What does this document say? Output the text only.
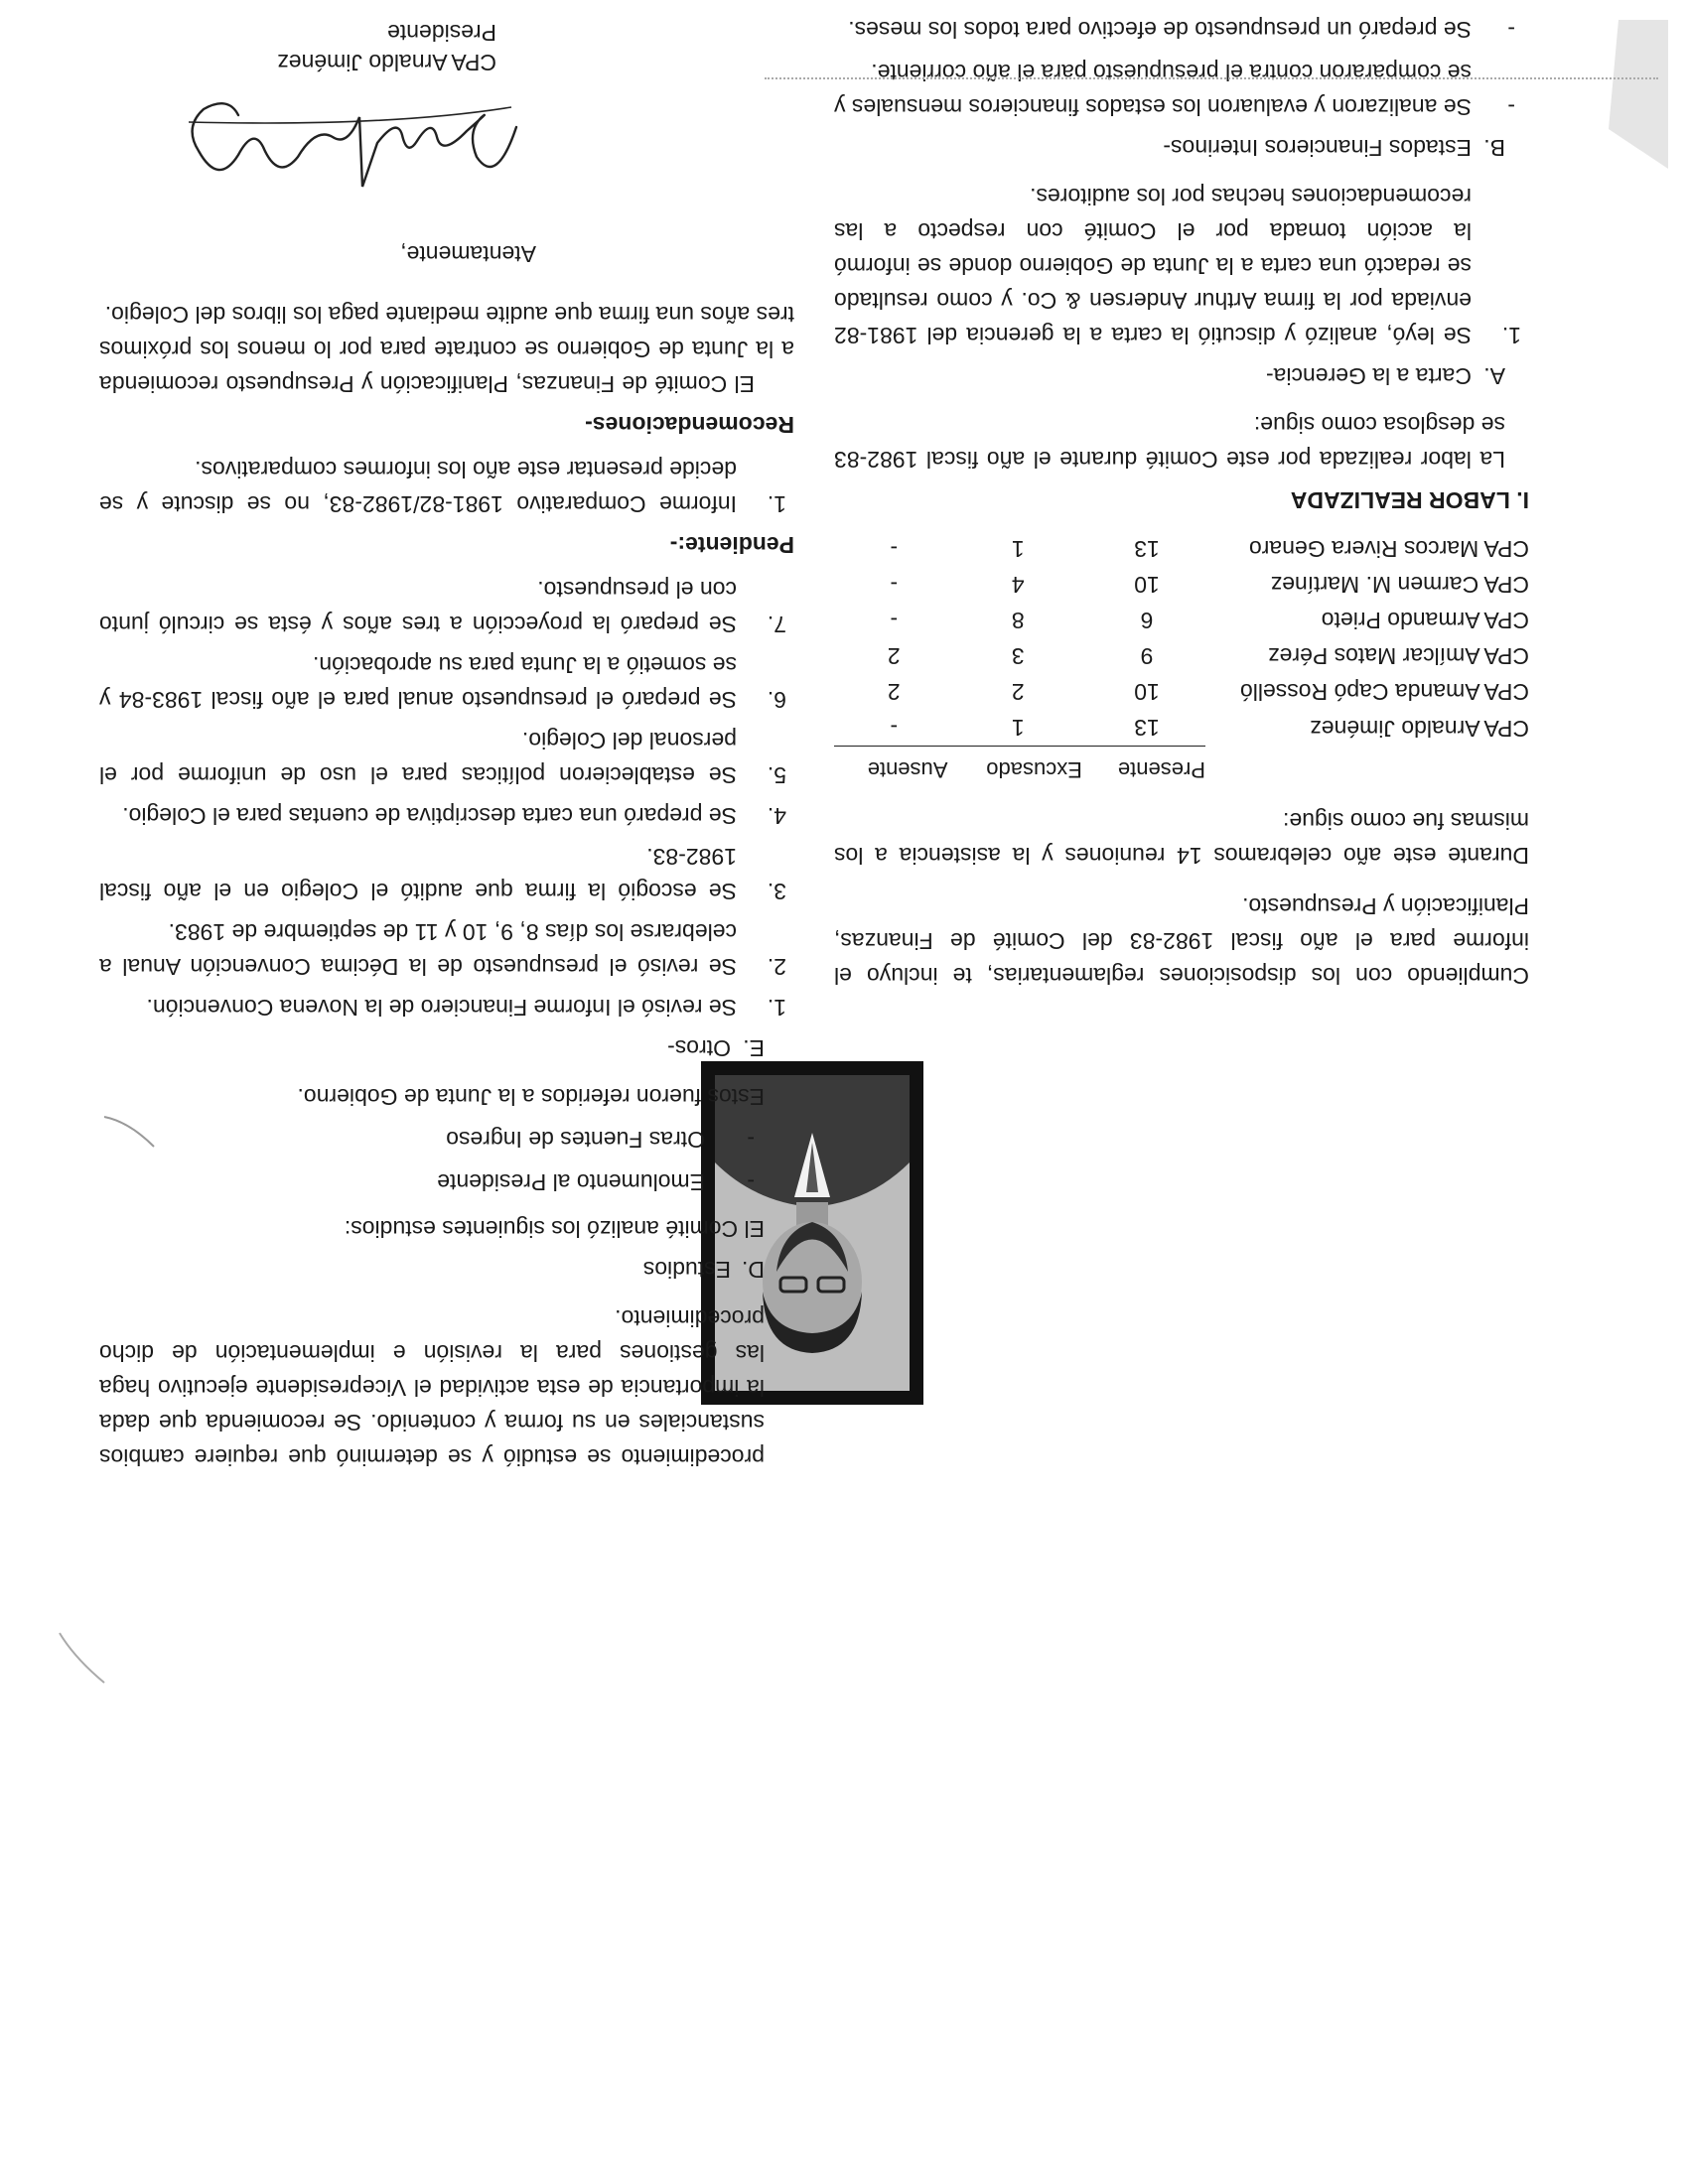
Cumpliendo con los disposiciones reglamentarias, te incluyo el informe para el año fiscal 1982-83 del Comité de Finanzas, Planificación y Presupuesto.

Durante este año celebramos 14 reuniones y la asistencia a los mismas fue como sigue:

	Presente	Excusado	Ausente
CPA Arnaldo Jiménez	13	1	-
CPA Amanda Capó Rosselló	10	2	2
CPA Amílcar Matos Pérez	9	3	2
CPA Armando Prieto	6	8	-
CPA Carmen M. Martínez	10	4	-
CPA Marcos Rivera Genaro	13	1	-
I. LABOR REALIZADA

La labor realizada por este Comité durante el año fiscal 1982-83 se desglosa como sigue:

A.Carta a la Gerencia-
1.
Se leyó, analizó y discutió la carta a la gerencia del 1981-82 enviada por la firma Arthur Andersen & Co. y como resultado se redactó una carta a la Junta de Gobierno donde se informó la acción tomada por el Comité con respecto a las recomendaciones hechas por los auditores.
B.Estados Financieros Interinos-
-
Se analizaron y evaluaron los estados financieros mensuales y se compararon contra el presupuesto para el año corriente.
-
Se preparó un presupuesto de efectivo para todos los meses.

procedimiento se estudió y se determinó que requiere cambios sustanciales en su forma y contenido. Se recomienda que dada la importancia de esta actividad el Vicepresidente ejecutivo haga las gestiones para la revisión e implementación de dicho procedimiento.

D.Estudios

El Comité analizó los siguientes estudios:

-
Emolumento al Presidente
-
Otras Fuentes de Ingreso

Estos fueron referidos a la Junta de Gobierno.

E.Otros-
1.
Se revisó el Informe Financiero de la Novena Convención.
2.
Se revisó el presupuesto de la Décima Convención Anual a celebrarse los días 8, 9, 10 y 11 de septiembre de 1983.
3.
Se escogió la firma que auditó el Colegio en el año fiscal 1982-83.
4.
Se preparó una carta descriptiva de cuentas para el Colegio.
5.
Se establecieron políticas para el uso de uniforme por el personal del Colegio.
6.
Se preparó el presupuesto anual para el año fiscal 1983-84 y se sometió a la Junta para su aprobación.
7.
Se preparó la proyección a tres años y ésta se circuló junto con el presupuesto.
Pendiente:-
1.
Informe Comparativo 1981-82/1982-83, no se discute y se decide presentar este año los informes comparativos.
Recomendaciones-

El Comité de Finanzas, Planificación y Presupuesto recomienda a la Junta de Gobierno se contrate para por lo menos los próximos tres años una firma que audite mediante paga los libros del Colegio.

Atentamente,
CPA Arnaldo Jiménez
Presidente
